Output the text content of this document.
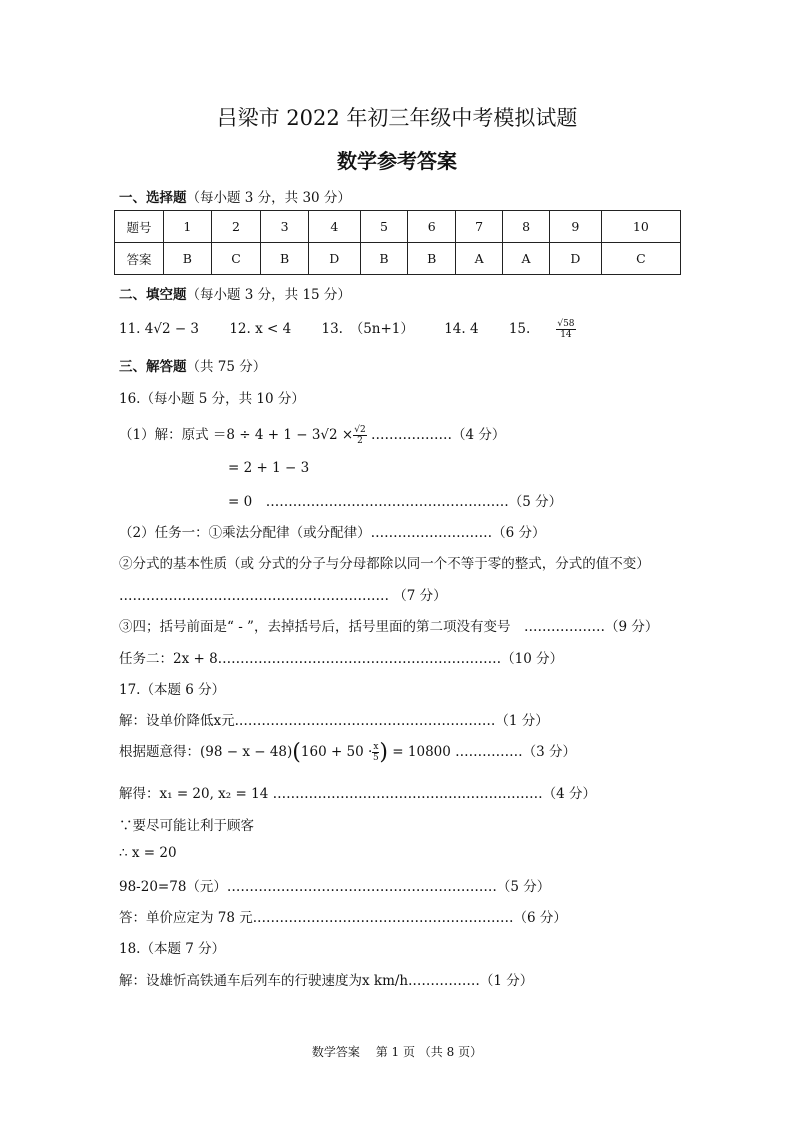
吕梁市 2022 年初三年级中考模拟试题
数学参考答案
一、选择题（每小题 3 分，共 30 分）
题号	1	2	3	4	5	6	7	8	9	10
答案	B	C	B	D	B	B	A	A	D	C
二、填空题（每小题 3 分，共 15 分）
11. 4√2 − 3 12. x < 4 13.　（5n+1） 14. 4 15.	$\frac{√58}{14}$
三、解答题（共 75 分）
16.（每小题 5 分，共 10 分）
（1）解：原式 $=8 \div 4 + 1 - 3√2 \times \frac{√2}{2}$ ………………（4 分）
= 2 + 1 − 3
= 0　………………………………………………（5 分）
（2）任务一：①乘法分配律（或分配律）………………………（6 分）
②分式的基本性质（或 分式的分子与分母都除以同一个不等于零的整式，分式的值不变）
…………………………………………………… （7 分）
③四；括号前面是“ - ”，去掉括号后，括号里面的第二项没有变号　………………（9 分）
任务二：2x + 8………………………………………………………（10 分）
17.（本题 6 分）
解：设单价降低x元.…………………………………………………（1 分）
根据题意得：$(98 - x - 48)(160 + 50 \cdot \frac{x}{5}$ ) = 10800 ……………（3 分）
解得：x₁ = 20, x₂ = 14 ……………………………………………………（4 分）
∵要尽可能让利于顾客
∴ x = 20
98-20=78（元）……………………………………………………（5 分）
答：单价应定为 78 元.…………………………………………………（6 分）
18.（本题 7 分）
解：设雄忻高铁通车后列车的行驶速度为x km/h.……………（1 分）
数学答案　 第 1 页 （共 8 页）
